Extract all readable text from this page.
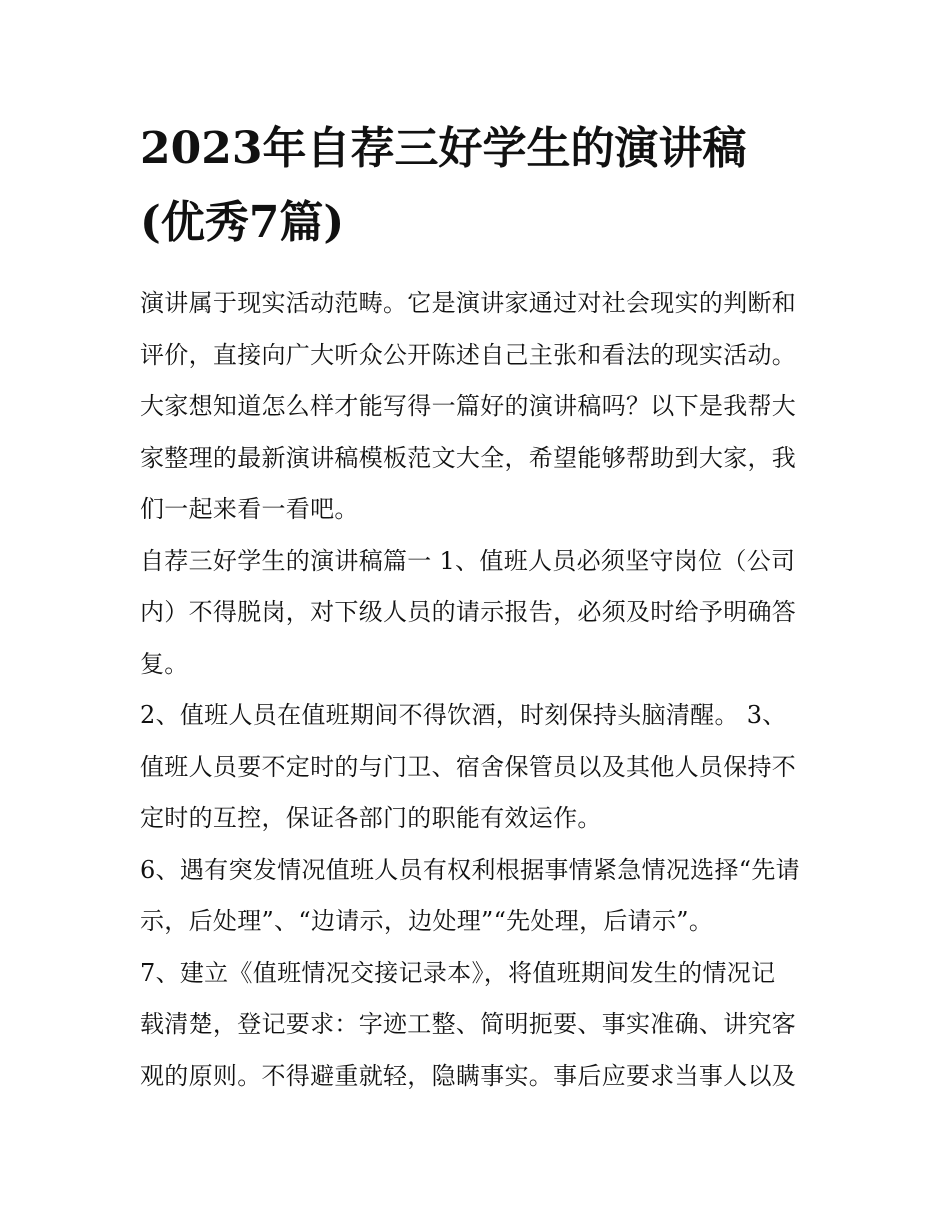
2023年自荐三好学生的演讲稿
(优秀7篇)
演讲属于现实活动范畴。它是演讲家通过对社会现实的判断和
评价，直接向广大听众公开陈述自己主张和看法的现实活动。
大家想知道怎么样才能写得一篇好的演讲稿吗？以下是我帮大
家整理的最新演讲稿模板范文大全，希望能够帮助到大家，我
们一起来看一看吧。
自荐三好学生的演讲稿篇一 1、值班人员必须坚守岗位（公司
内）不得脱岗，对下级人员的请示报告，必须及时给予明确答
复。
2、值班人员在值班期间不得饮酒，时刻保持头脑清醒。 3、
值班人员要不定时的与门卫、宿舍保管员以及其他人员保持不
定时的互控，保证各部门的职能有效运作。
6、遇有突发情况值班人员有权利根据事情紧急情况选择“先请
示，后处理”、“边请示，边处理”“先处理，后请示”。
7、建立《值班情况交接记录本》，将值班期间发生的情况记
载清楚，登记要求：字迹工整、简明扼要、事实准确、讲究客
观的原则。不得避重就轻，隐瞒事实。事后应要求当事人以及
